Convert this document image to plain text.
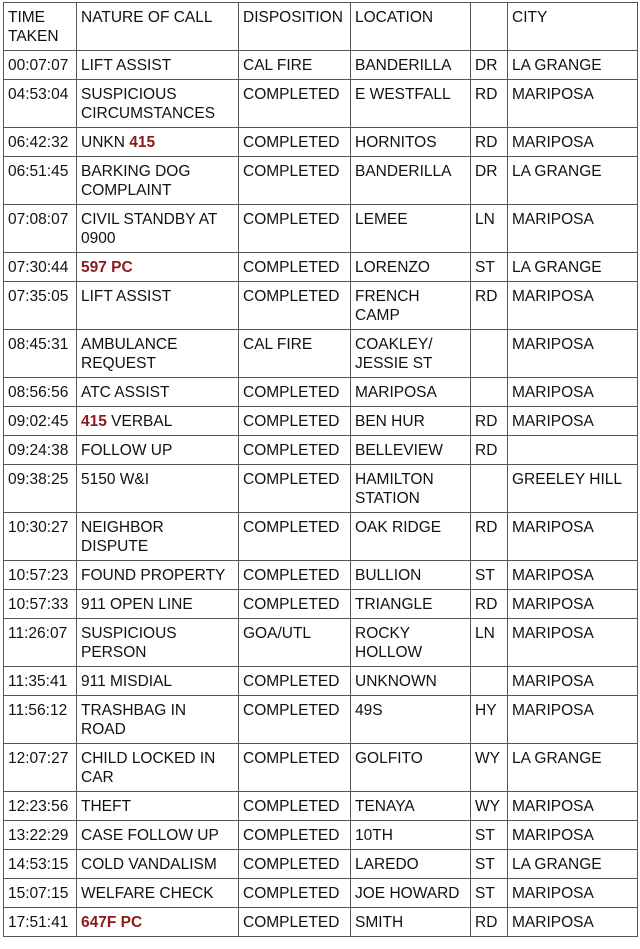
TIME TAKEN	NATURE OF CALL	DISPOSITION	LOCATION		CITY
00:07:07	LIFT ASSIST	CAL FIRE	BANDERILLA	DR	LA GRANGE
04:53:04	SUSPICIOUS CIRCUMSTANCES	COMPLETED	E WESTFALL	RD	MARIPOSA
06:42:32	UNKN 415	COMPLETED	HORNITOS	RD	MARIPOSA
06:51:45	BARKING DOG COMPLAINT	COMPLETED	BANDERILLA	DR	LA GRANGE
07:08:07	CIVIL STANDBY AT 0900	COMPLETED	LEMEE	LN	MARIPOSA
07:30:44	597 PC	COMPLETED	LORENZO	ST	LA GRANGE
07:35:05	LIFT ASSIST	COMPLETED	FRENCH CAMP	RD	MARIPOSA
08:45:31	AMBULANCE REQUEST	CAL FIRE	COAKLEY/ JESSIE ST		MARIPOSA
08:56:56	ATC ASSIST	COMPLETED	MARIPOSA		MARIPOSA
09:02:45	415 VERBAL	COMPLETED	BEN HUR	RD	MARIPOSA
09:24:38	FOLLOW UP	COMPLETED	BELLEVIEW	RD	
09:38:25	5150 W&I	COMPLETED	HAMILTON STATION		GREELEY HILL
10:30:27	NEIGHBOR DISPUTE	COMPLETED	OAK RIDGE	RD	MARIPOSA
10:57:23	FOUND PROPERTY	COMPLETED	BULLION	ST	MARIPOSA
10:57:33	911 OPEN LINE	COMPLETED	TRIANGLE	RD	MARIPOSA
11:26:07	SUSPICIOUS PERSON	GOA/UTL	ROCKY HOLLOW	LN	MARIPOSA
11:35:41	911 MISDIAL	COMPLETED	UNKNOWN		MARIPOSA
11:56:12	TRASHBAG IN ROAD	COMPLETED	49S	HY	MARIPOSA
12:07:27	CHILD LOCKED IN CAR	COMPLETED	GOLFITO	WY	LA GRANGE
12:23:56	THEFT	COMPLETED	TENAYA	WY	MARIPOSA
13:22:29	CASE FOLLOW UP	COMPLETED	10TH	ST	MARIPOSA
14:53:15	COLD VANDALISM	COMPLETED	LAREDO	ST	LA GRANGE
15:07:15	WELFARE CHECK	COMPLETED	JOE HOWARD	ST	MARIPOSA
17:51:41	647F PC	COMPLETED	SMITH	RD	MARIPOSA
